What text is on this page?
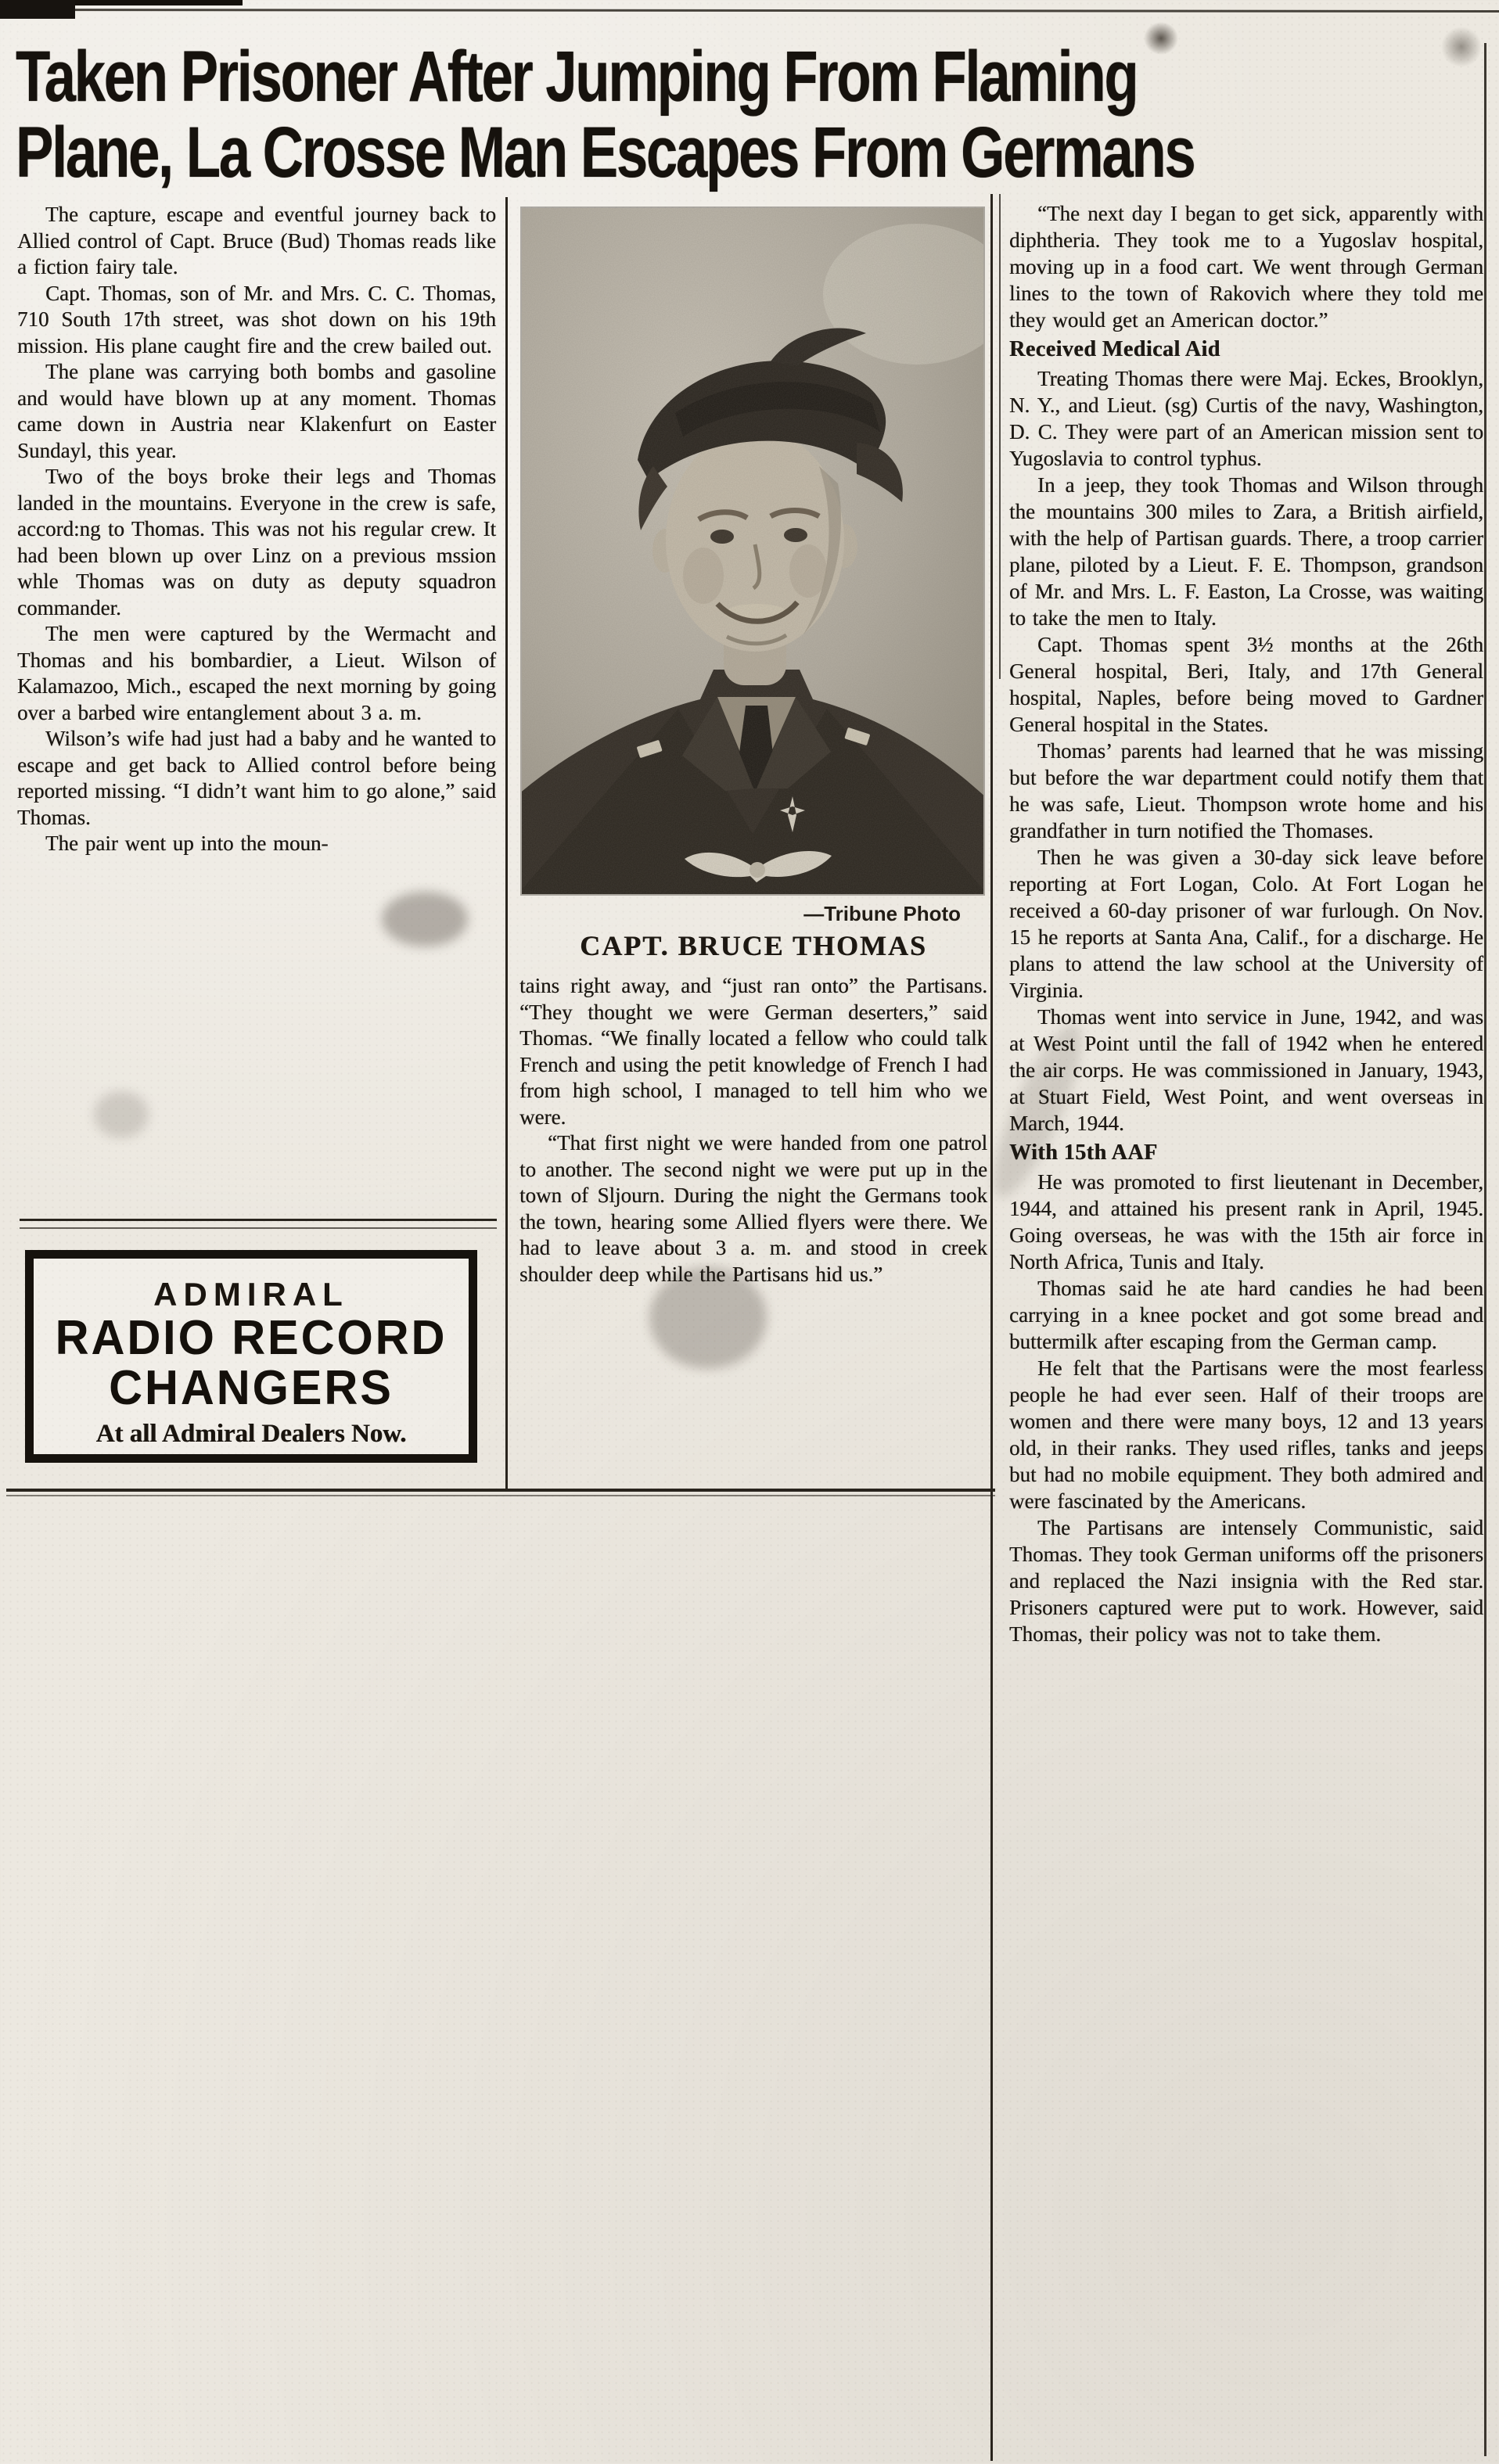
Taken Prisoner After Jumping From Flaming
Plane, La Crosse Man Escapes From Germans

The capture, escape and eventful journey back to Allied control of Capt. Bruce (Bud) Thomas reads like a fiction fairy tale.

Capt. Thomas, son of Mr. and Mrs. C. C. Thomas, 710 South 17th street, was shot down on his 19th mission. His plane caught fire and the crew bailed out.

The plane was carrying both bombs and gasoline and would have blown up at any moment. Thomas came down in Austria near Klakenfurt on Easter Sundayl, this year.

Two of the boys broke their legs and Thomas landed in the mountains. Everyone in the crew is safe, accord:ng to Thomas. This was not his regular crew. It had been blown up over Linz on a previous mssion whle Thomas was on duty as deputy squadron commander.

The men were captured by the Wermacht and Thomas and his bombardier, a Lieut. Wilson of Kalamazoo, Mich., escaped the next morning by going over a barbed wire entanglement about 3 a. m.

Wilson’s wife had just had a baby and he wanted to escape and get back to Allied control before being reported missing. “I didn’t want him to go alone,” said Thomas.

The pair went up into the moun-

ADMIRAL
RADIO RECORD
CHANGERS
At all Admiral Dealers Now.
—Tribune Photo
CAPT. BRUCE THOMAS

tains right away, and “just ran onto” the Partisans. “They thought we were German deserters,” said Thomas. “We finally located a fellow who could talk French and using the petit knowledge of French I had from high school, I managed to tell him who we were.

“That first night we were handed from one patrol to another. The second night we were put up in the town of Sljourn. During the night the Germans took the town, hearing some Allied flyers were there. We had to leave about 3 a. m. and stood in creek shoulder deep while the Partisans hid us.”

“The next day I began to get sick, apparently with diphtheria. They took me to a Yugoslav hospital, moving up in a food cart. We went through German lines to the town of Rakovich where they told me they would get an American doctor.”

Received Medical Aid

Treating Thomas there were Maj. Eckes, Brooklyn, N. Y., and Lieut. (sg) Curtis of the navy, Washington, D. C. They were part of an American mission sent to Yugoslavia to control typhus.

In a jeep, they took Thomas and Wilson through the mountains 300 miles to Zara, a British airfield, with the help of Partisan guards. There, a troop carrier plane, piloted by a Lieut. F. E. Thompson, grandson of Mr. and Mrs. L. F. Easton, La Crosse, was waiting to take the men to Italy.

Capt. Thomas spent 3½ months at the 26th General hospital, Beri, Italy, and 17th General hospital, Naples, before being moved to Gardner General hospital in the States.

Thomas’ parents had learned that he was missing but before the war department could notify them that he was safe, Lieut. Thompson wrote home and his grandfather in turn notified the Thomases.

Then he was given a 30-day sick leave before reporting at Fort Logan, Colo. At Fort Logan he received a 60-day prisoner of war furlough. On Nov. 15 he reports at Santa Ana, Calif., for a discharge. He plans to attend the law school at the University of Virginia.

Thomas went into service in June, 1942, and was at West Point until the fall of 1942 when he entered the air corps. He was commissioned in January, 1943, at Stuart Field, West Point, and went overseas in March, 1944.

With 15th AAF

He was promoted to first lieutenant in December, 1944, and attained his present rank in April, 1945. Going overseas, he was with the 15th air force in North Africa, Tunis and Italy.

Thomas said he ate hard candies he had been carrying in a knee pocket and got some bread and buttermilk after escaping from the German camp.

He felt that the Partisans were the most fearless people he had ever seen. Half of their troops are women and there were many boys, 12 and 13 years old, in their ranks. They used rifles, tanks and jeeps but had no mobile equipment. They both admired and were fascinated by the Americans.

The Partisans are intensely Communistic, said Thomas. They took German uniforms off the prisoners and replaced the Nazi insignia with the Red star. Prisoners captured were put to work. However, said Thomas, their policy was not to take them.
